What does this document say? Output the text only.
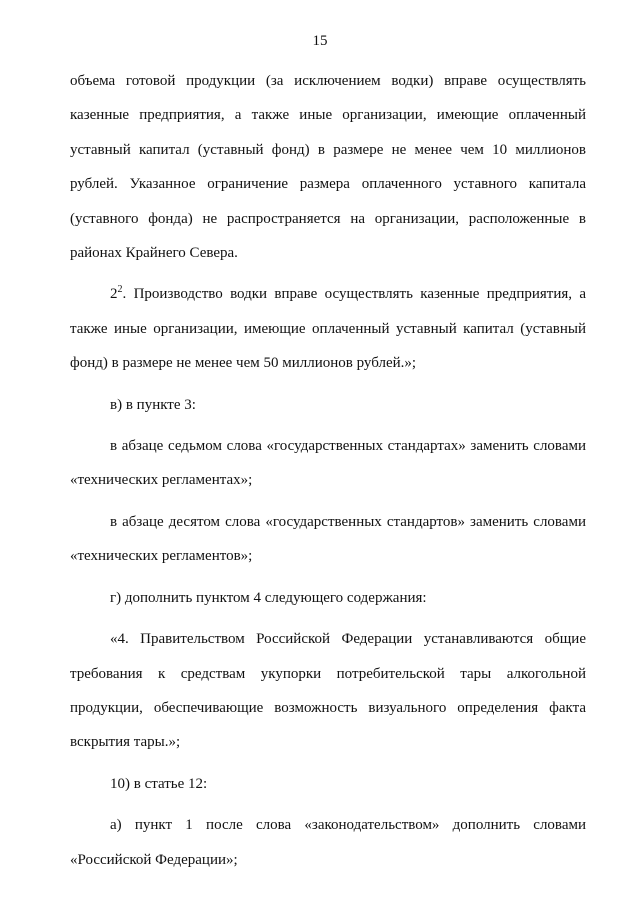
15
объема готовой продукции (за исключением водки) вправе осуществлять
казенные предприятия, а также иные организации, имеющие оплаченный
уставный капитал (уставный фонд) в размере не менее чем 10 миллионов
рублей. Указанное ограничение размера оплаченного уставного капитала
(уставного фонда) не распространяется на организации, расположенные в
районах Крайнего Севера.
$2^2$. Производство водки вправе осуществлять казенные предприятия, а
также иные организации, имеющие оплаченный уставный капитал (уставный
фонд) в размере не менее чем 50 миллионов рублей.»;
в) в пункте 3:
в абзаце седьмом слова «государственных стандартах» заменить словами
«технических регламентах»;
в абзаце десятом слова «государственных стандартов» заменить словами
«технических регламентов»;
г) дополнить пунктом 4 следующего содержания:
«4. Правительством Российской Федерации устанавливаются общие
требования к средствам укупорки потребительской тары алкогольной
продукции, обеспечивающие возможность визуального определения факта
вскрытия тары.»;
10) в статье 12:
а) пункт 1 после слова «законодательством» дополнить словами
«Российской Федерации»;
